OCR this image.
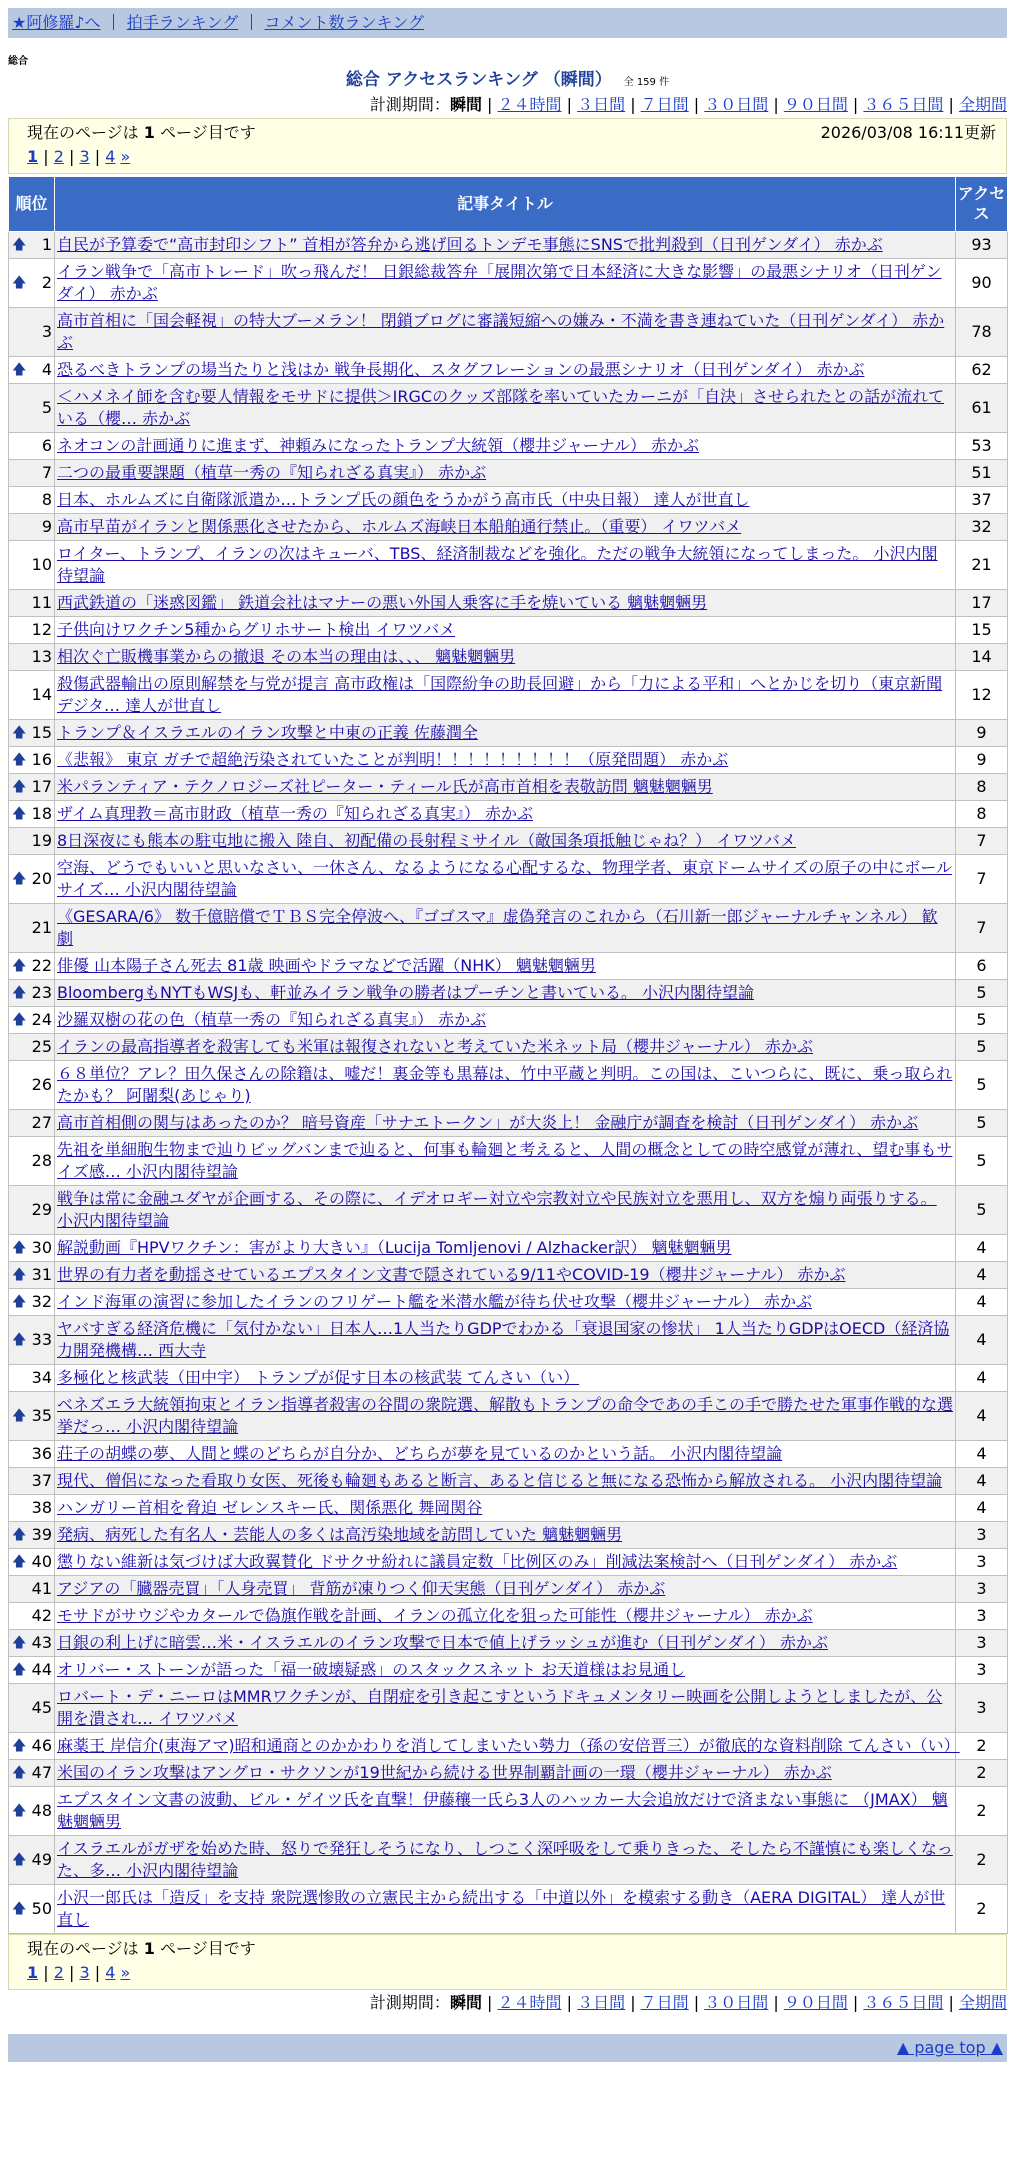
★阿修羅♪へ ｜ 拍手ランキング ｜ コメント数ランキング
総合
総合 アクセスランキング （瞬間） 全 159 件
計測期間：瞬間 | ２４時間 | ３日間 | ７日間 | ３０日間 | ９０日間 | ３６５日間 | 全期間
現在のページは 1 ページ目です	2026/03/08 16:11更新
1 | 2 | 3 | 4 »
順位	記事タイトル	アクセス

🡅 1	自民が予算委で“高市封印シフト” 首相が答弁から逃げ回るトンデモ事態にSNSで批判殺到（日刊ゲンダイ） 赤かぶ	93

🡅 2	イラン戦争で「高市トレード」吹っ飛んだ！ 日銀総裁答弁「展開次第で日本経済に大きな影響」の最悪シナリオ（日刊ゲンダイ） 赤かぶ	90
3	高市首相に「国会軽視」の特大ブーメラン！ 閉鎖ブログに審議短縮への嫌み・不満を書き連ねていた（日刊ゲンダイ） 赤かぶ	78

🡅 4	恐るべきトランプの場当たりと浅はか 戦争長期化、スタグフレーションの最悪シナリオ（日刊ゲンダイ） 赤かぶ	62
5	＜ハメネイ師を含む要人情報をモサドに提供＞IRGCのクッズ部隊を率いていたカーニが「自決」させられたとの話が流れている（櫻… 赤かぶ	61
6	ネオコンの計画通りに進まず、神頼みになったトランプ大統領（櫻井ジャーナル） 赤かぶ	53
7	二つの最重要課題（植草一秀の『知られざる真実』） 赤かぶ	51
8	日本、ホルムズに自衛隊派遣か…トランプ氏の顔色をうかがう高市氏（中央日報） 達人が世直し	37
9	高市早苗がイランと関係悪化させたから、ホルムズ海峡日本船舶通行禁止。（重要） イワツバメ	32
10	ロイター、トランプ、イランの次はキューバ、TBS、経済制裁などを強化。ただの戦争大統領になってしまった。 小沢内閣待望論	21
11	西武鉄道の「迷惑図鑑」 鉄道会社はマナーの悪い外国人乗客に手を焼いている 魑魅魍魎男	17
12	子供向けワクチン5種からグリホサート検出 イワツバメ	15
13	相次ぐ亡販機事業からの撤退 その本当の理由は、、、 魑魅魍魎男	14
14	殺傷武器輸出の原則解禁を与党が提言 高市政権は「国際紛争の助長回避」から「力による平和」へとかじを切り（東京新聞デジタ… 達人が世直し	12

🡅 15	トランプ＆イスラエルのイラン攻撃と中東の正義 佐藤潤全	9

🡅 16	《悲報》 東京 ガチで超絶汚染されていたことが判明！！！！！！！！！（原発問題） 赤かぶ	9

🡅 17	米パランティア・テクノロジーズ社ピーター・ティール氏が高市首相を表敬訪問 魑魅魍魎男	8

🡅 18	ザイム真理教＝高市財政（植草一秀の『知られざる真実』） 赤かぶ	8
19	8日深夜にも熊本の駐屯地に搬入 陸自、初配備の長射程ミサイル（敵国条項抵触じゃね？） イワツバメ	7

🡅 20	空海、どうでもいいと思いなさい、一休さん、なるようになる心配するな、物理学者、東京ドームサイズの原子の中にボールサイズ… 小沢内閣待望論	7
21	《GESARA/6》 数千億賠償でＴＢＳ完全停波へ、『ゴゴスマ』虚偽発言のこれから（石川新一郎ジャーナルチャンネル） 歓劇	7

🡅 22	俳優 山本陽子さん死去 81歳 映画やドラマなどで活躍（NHK） 魑魅魍魎男	6

🡅 23	BloombergもNYTもWSJも、軒並みイラン戦争の勝者はプーチンと書いている。 小沢内閣待望論	5

🡅 24	沙羅双樹の花の色（植草一秀の『知られざる真実』） 赤かぶ	5
25	イランの最高指導者を殺害しても米軍は報復されないと考えていた米ネット局（櫻井ジャーナル） 赤かぶ	5
26	６８単位？アレ？田久保さんの除籍は、嘘だ！裏金等も黒幕は、竹中平蔵と判明。この国は、こいつらに、既に、乗っ取られたかも？ 阿闍梨(あじゃり)	5
27	高市首相側の関与はあったのか？ 暗号資産「サナエトークン」が大炎上！ 金融庁が調査を検討（日刊ゲンダイ） 赤かぶ	5
28	先祖を単細胞生物まで辿りビッグバンまで辿ると、何事も輪廻と考えると、人間の概念としての時空感覚が薄れ、望む事もサイズ感… 小沢内閣待望論	5
29	戦争は常に金融ユダヤが企画する、その際に、イデオロギー対立や宗教対立や民族対立を悪用し、双方を煽り両張りする。 小沢内閣待望論	5

🡅 30	解説動画『HPVワクチン：害がより大きい』（Lucija Tomljenovi / Alzhacker訳） 魑魅魍魎男	4

🡅 31	世界の有力者を動揺させているエプスタイン文書で隠されている9/11やCOVID-19（櫻井ジャーナル） 赤かぶ	4

🡅 32	インド海軍の演習に参加したイランのフリゲート艦を米潜水艦が待ち伏せ攻撃（櫻井ジャーナル） 赤かぶ	4

🡅 33	ヤバすぎる経済危機に「気付かない」日本人…1人当たりGDPでわかる「衰退国家の惨状」 1人当たりGDPはOECD（経済協力開発機構… 西大寺	4
34	多極化と核武装（田中宇） トランプが促す日本の核武装 てんさい（い）	4

🡅 35	ベネズエラ大統領拘束とイラン指導者殺害の谷間の衆院選、解散もトランプの命令であの手この手で勝たせた軍事作戦的な選挙だっ… 小沢内閣待望論	4
36	荘子の胡蝶の夢、人間と蝶のどちらが自分か、どちらが夢を見ているのかという話。 小沢内閣待望論	4
37	現代、僧侶になった看取り女医、死後も輪廻もあると断言、あると信じると無になる恐怖から解放される。 小沢内閣待望論	4
38	ハンガリー首相を脅迫 ゼレンスキー氏、関係悪化 舞岡関谷	4

🡅 39	発病、病死した有名人・芸能人の多くは高汚染地域を訪問していた 魑魅魍魎男	3

🡅 40	懲りない維新は気づけば大政翼賛化 ドサクサ紛れに議員定数「比例区のみ」削減法案検討へ（日刊ゲンダイ） 赤かぶ	3
41	アジアの「臓器売買」「人身売買」 背筋が凍りつく仰天実態（日刊ゲンダイ） 赤かぶ	3
42	モサドがサウジやカタールで偽旗作戦を計画、イランの孤立化を狙った可能性（櫻井ジャーナル） 赤かぶ	3

🡅 43	日銀の利上げに暗雲…米・イスラエルのイラン攻撃で日本で値上げラッシュが進む（日刊ゲンダイ） 赤かぶ	3

🡅 44	オリバー・ストーンが語った「福一破壊疑惑」のスタックスネット お天道様はお見通し	3
45	ロバート・デ・ニーロはMMRワクチンが、自閉症を引き起こすというドキュメンタリー映画を公開しようとしましたが、公開を潰され… イワツバメ	3

🡅 46	麻薬王 岸信介(東海アマ)昭和通商とのかかわりを消してしまいたい勢力（孫の安倍晋三）が徹底的な資料削除 てんさい（い）	2

🡅 47	米国のイラン攻撃はアングロ・サクソンが19世紀から続ける世界制覇計画の一環（櫻井ジャーナル） 赤かぶ	2

🡅 48	エプスタイン文書の波動、ビル・ゲイツ氏を直撃！伊藤穰一氏ら3人のハッカー大会追放だけで済まない事態に （JMAX） 魑魅魍魎男	2

🡅 49	イスラエルがガザを始めた時、怒りで発狂しそうになり、しつこく深呼吸をして乗りきった、そしたら不謹慎にも楽しくなった、多… 小沢内閣待望論	2

🡅 50	小沢一郎氏は「造反」を支持 衆院選惨敗の立憲民主から続出する「中道以外」を模索する動き（AERA DIGITAL） 達人が世直し	2
現在のページは 1 ページ目です
1 | 2 | 3 | 4 »
計測期間：瞬間 | ２４時間 | ３日間 | ７日間 | ３０日間 | ９０日間 | ３６５日間 | 全期間
▲ page top ▲
